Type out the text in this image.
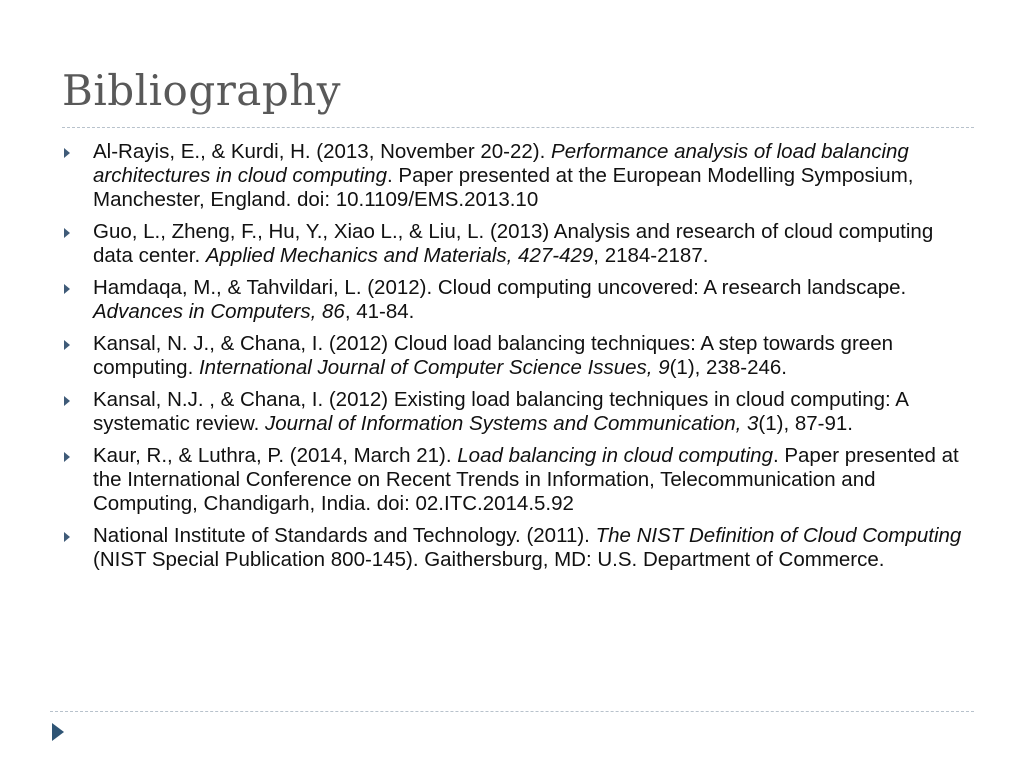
Bibliography
Al-Rayis, E., & Kurdi, H. (2013, November 20-22). Performance analysis of load balancing architectures in cloud computing. Paper presented at the European Modelling Symposium, Manchester, England. doi: 10.1109/EMS.2013.10
Guo, L., Zheng, F., Hu, Y., Xiao L., & Liu, L. (2013) Analysis and research of cloud computing data center. Applied Mechanics and Materials, 427-429, 2184-2187.
Hamdaqa, M., & Tahvildari, L. (2012). Cloud computing uncovered: A research landscape. Advances in Computers, 86, 41-84.
Kansal, N. J., & Chana, I. (2012) Cloud load balancing techniques: A step towards green computing. International Journal of Computer Science Issues, 9(1), 238-246.
Kansal, N.J. , & Chana, I. (2012) Existing load balancing techniques in cloud computing: A systematic review. Journal of Information Systems and Communication, 3(1), 87-91.
Kaur, R., & Luthra, P. (2014, March 21). Load balancing in cloud computing. Paper presented at the International Conference on Recent Trends in Information, Telecommunication and Computing, Chandigarh, India. doi: 02.ITC.2014.5.92
National Institute of Standards and Technology. (2011). The NIST Definition of Cloud Computing (NIST Special Publication 800-145). Gaithersburg, MD: U.S. Department of Commerce.
